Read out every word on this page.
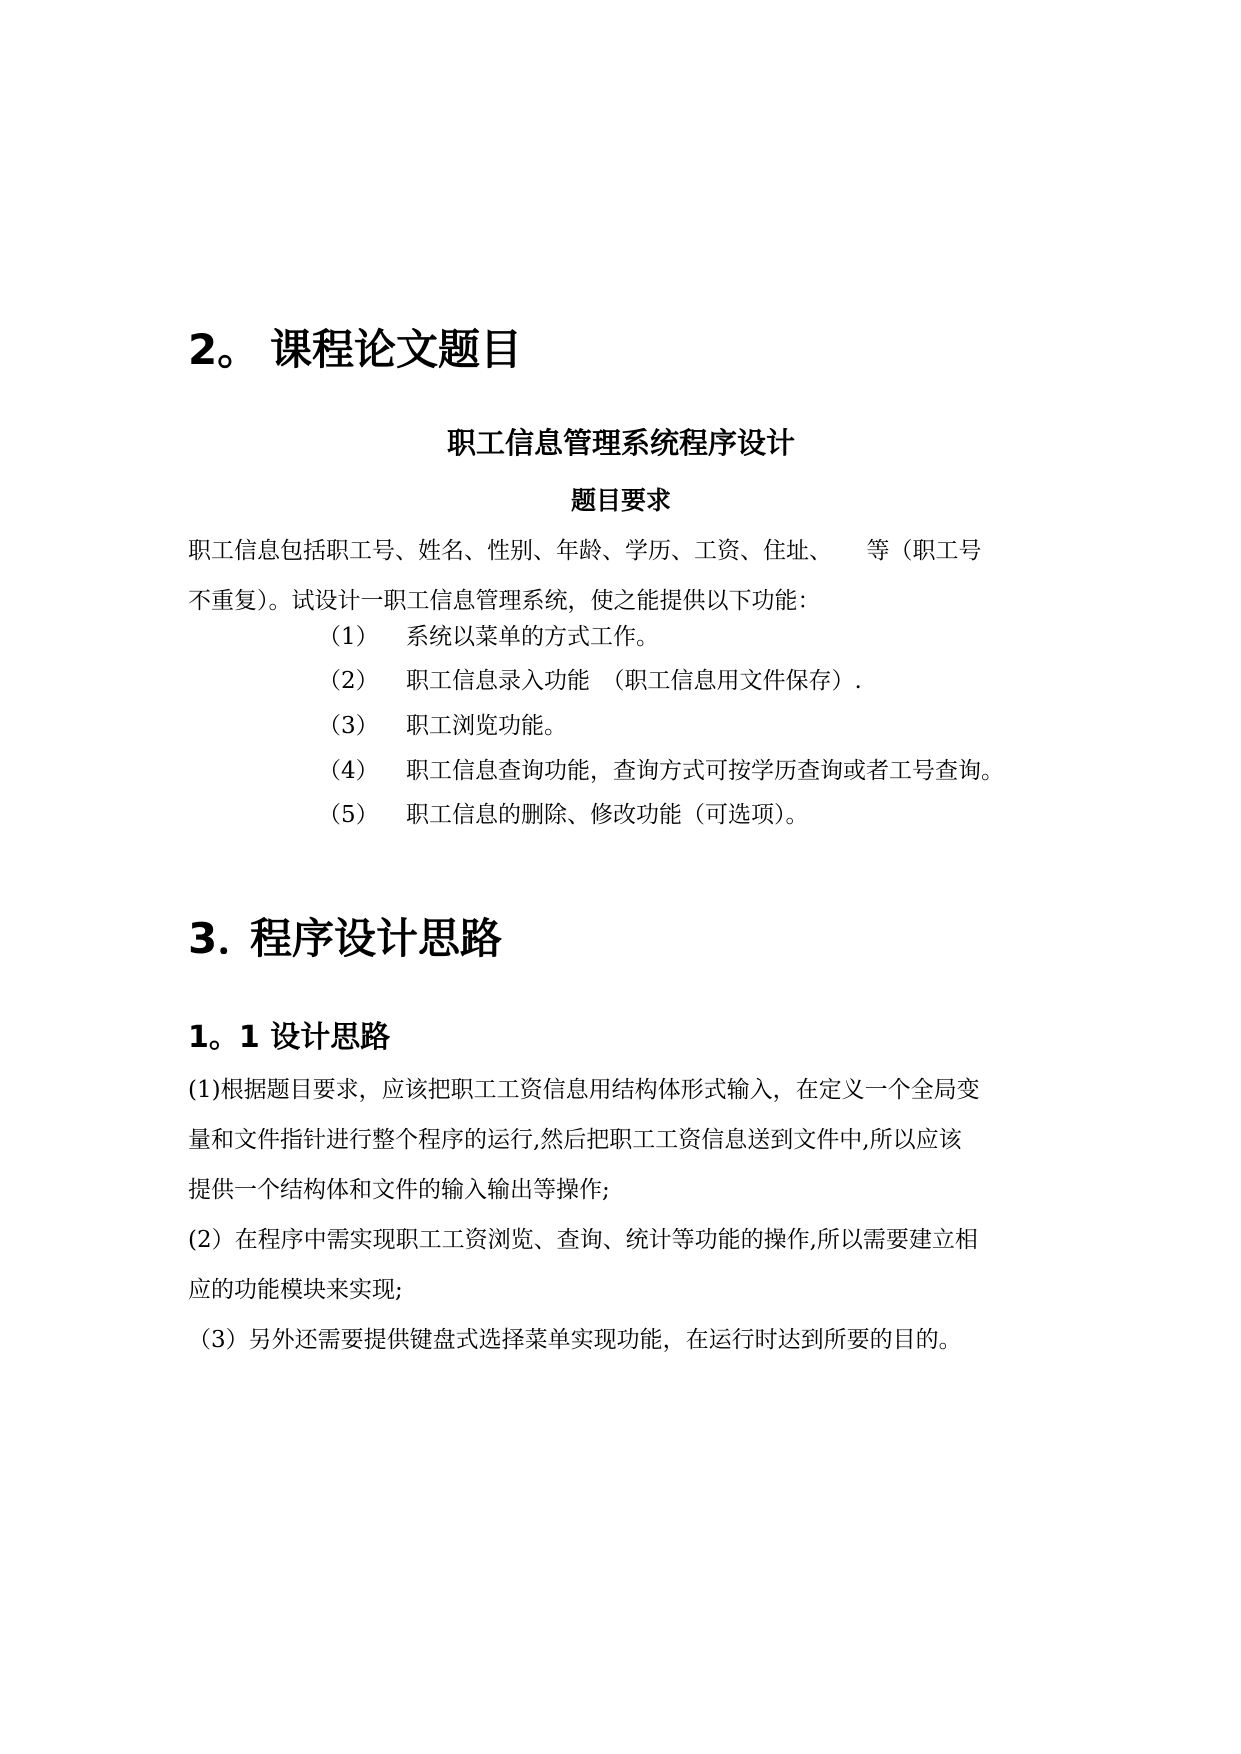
2。 课程论文题目
职工信息管理系统程序设计
题目要求
职工信息包括职工号、姓名、性别、年龄、学历、工资、住址、　　等（职工号
不重复）。试设计一职工信息管理系统，使之能提供以下功能：
（1） 系统以菜单的方式工作。
（2） 职工信息录入功能　（职工信息用文件保存）.
（3） 职工浏览功能。
（4） 职工信息查询功能，查询方式可按学历查询或者工号查询。
（5） 职工信息的删除、修改功能（可选项）。
3．程序设计思路
1。1 设计思路
(1)根据题目要求，应该把职工工资信息用结构体形式输入，在定义一个全局变
量和文件指针进行整个程序的运行,然后把职工工资信息送到文件中,所以应该
提供一个结构体和文件的输入输出等操作;
(2）在程序中需实现职工工资浏览、查询、统计等功能的操作,所以需要建立相
应的功能模块来实现;
（3）另外还需要提供键盘式选择菜单实现功能，在运行时达到所要的目的。
